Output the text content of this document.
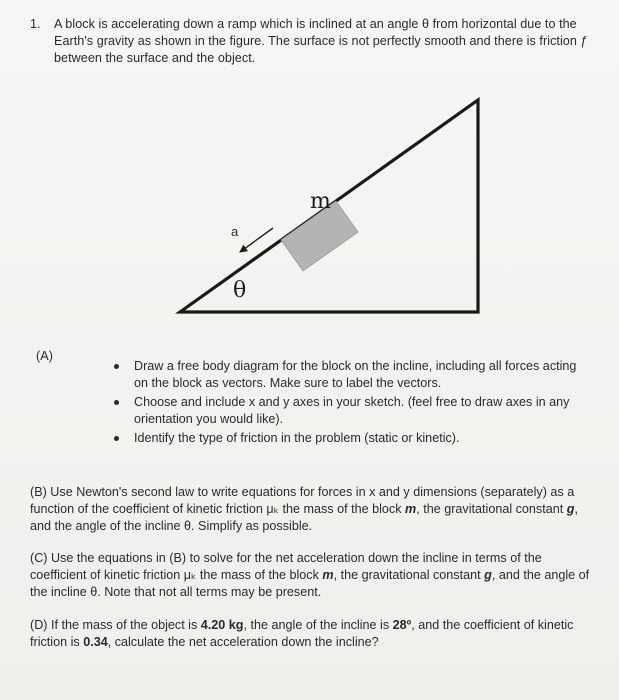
1. A block is accelerating down a ramp which is inclined at an angle θ from horizontal due to the Earth's gravity as shown in the figure. The surface is not perfectly smooth and there is friction ƒ between the surface and the object.
m
a
θ
(A)
Draw a free body diagram for the block on the incline, including all forces acting on the block as vectors. Make sure to label the vectors.
Choose and include x and y axes in your sketch. (feel free to draw axes in any orientation you would like).
Identify the type of friction in the problem (static or kinetic).
(B) Use Newton's second law to write equations for forces in x and y dimensions (separately) as a function of the coefficient of kinetic friction μₖ the mass of the block m, the gravitational constant g, and the angle of the incline θ. Simplify as possible.
(C) Use the equations in (B) to solve for the net acceleration down the incline in terms of the coefficient of kinetic friction μₖ the mass of the block m, the gravitational constant g, and the angle of the incline θ. Note that not all terms may be present.
(D) If the mass of the object is 4.20 kg, the angle of the incline is 28º, and the coefficient of kinetic friction is 0.34, calculate the net acceleration down the incline?
